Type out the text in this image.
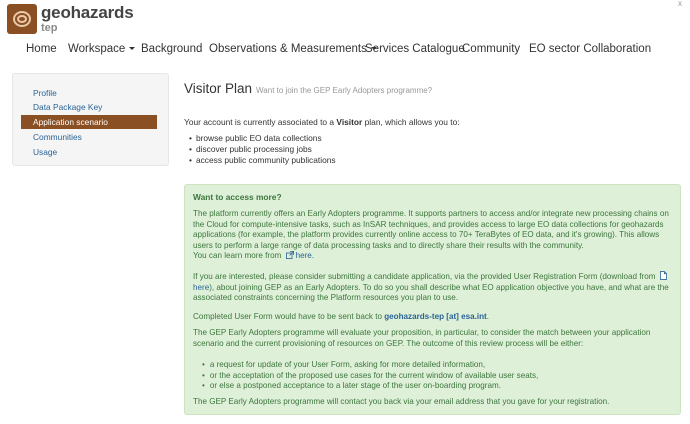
geohazards
tep
x
Home Workspace	Background Observations & Measurements
Services Catalogue
Community EO sector Collaboration
Profile
Data Package Key
Application scenario
Communities
Usage
Visitor Plan Want to join the GEP Early Adopters programme?
Your account is currently associated to a Visitor plan, which allows you to:
• browse public EO data collections
• discover public processing jobs
• access public community publications
Want to access more?
The platform currently offers an Early Adopters programme. It supports partners to access and/or integrate new processing chains on the Cloud for compute-intensive tasks, such as InSAR techniques, and provides access to large EO data collections for geohazards applications (for example, the platform provides currently online access to 70+ TeraBytes of EO data, and it's growing). This allows users to perform a large range of data processing tasks and to directly share their results with the community.
You can learn more from here.
If you are interested, please consider submitting a candidate application, via the provided User Registration Form (download from  here), about joining GEP as an Early Adopters. To do so you shall describe what EO application objective you have, and what are the associated constraints concerning the Platform resources you plan to use.
Completed User Form would have to be sent back to geohazards-tep [at] esa.int.
The GEP Early Adopters programme will evaluate your proposition, in particular, to consider the match between your application scenario and the current provisioning of resources on GEP. The outcome of this review process will be either:
• a request for update of your User Form, asking for more detailed information,
• or the acceptation of the proposed use cases for the current window of available user seats,
• or else a postponed acceptance to a later stage of the user on-boarding program.
The GEP Early Adopters programme will contact you back via your email address that you gave for your registration.
